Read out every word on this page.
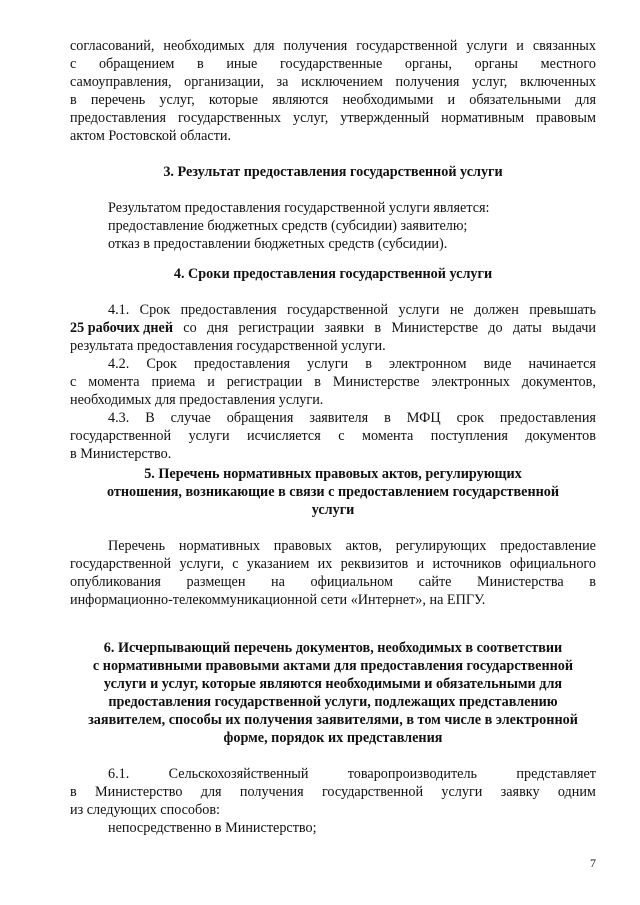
согласований, необходимых для получения государственной услуги и связанных
с обращением в иные государственные органы, органы местного
самоуправления, организации, за исключением получения услуг, включенных
в перечень услуг, которые являются необходимыми и обязательными для
предоставления государственных услуг, утвержденный нормативным правовым
актом Ростовской области.
3. Результат предоставления государственной услуги
Результатом предоставления государственной услуги является:
предоставление бюджетных средств (субсидии) заявителю;
отказ в предоставлении бюджетных средств (субсидии).
4. Сроки предоставления государственной услуги
4.1. Срок предоставления государственной услуги не должен превышать
25 рабочих дней со дня регистрации заявки в Министерстве до даты выдачи
результата предоставления государственной услуги.
4.2. Срок предоставления услуги в электронном виде начинается
с момента приема и регистрации в Министерстве электронных документов,
необходимых для предоставления услуги.
4.3. В случае обращения заявителя в МФЦ срок предоставления
государственной услуги исчисляется с момента поступления документов
в Министерство.
5. Перечень нормативных правовых актов, регулирующих
отношения, возникающие в связи с предоставлением государственной
услуги
Перечень нормативных правовых актов, регулирующих предоставление
государственной услуги, с указанием их реквизитов и источников официального
опубликования размещен на официальном сайте Министерства в
информационно-телекоммуникационной сети «Интернет», на ЕПГУ.
6. Исчерпывающий перечень документов, необходимых в соответствии
с нормативными правовыми актами для предоставления государственной
услуги и услуг, которые являются необходимыми и обязательными для
предоставления государственной услуги, подлежащих представлению
заявителем, способы их получения заявителями, в том числе в электронной
форме, порядок их представления
6.1.	Сельскохозяйственный	товаропроизводитель	представляет
в Министерство для получения государственной услуги заявку одним
из следующих способов:
непосредственно в Министерство;
7
